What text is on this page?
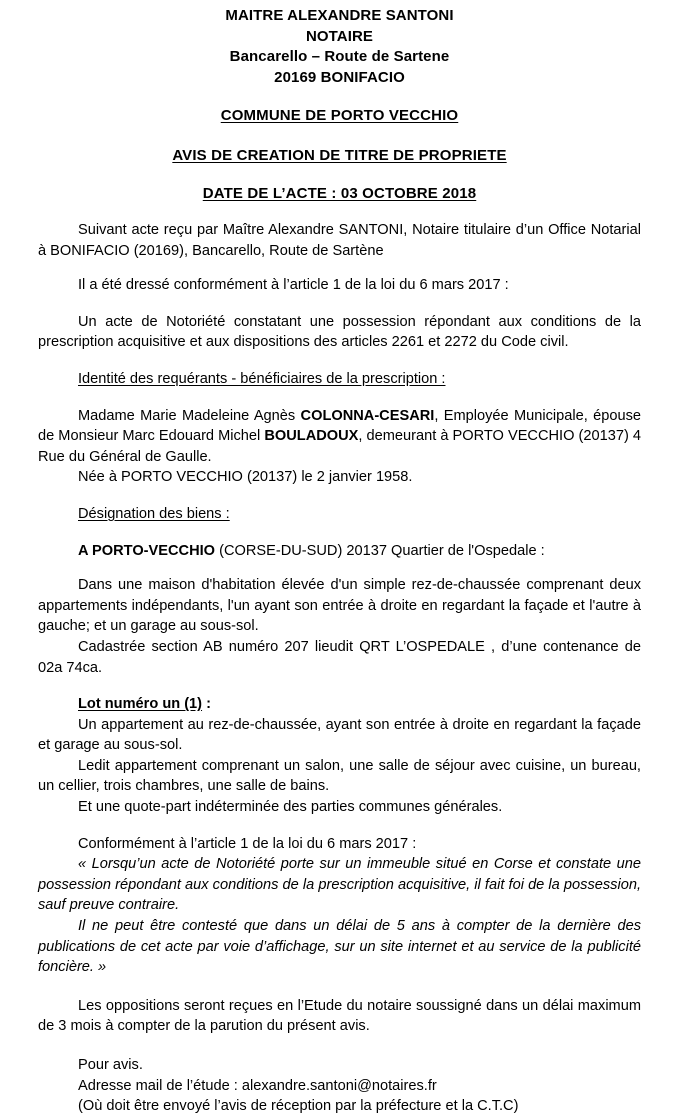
MAITRE ALEXANDRE SANTONI
NOTAIRE
Bancarello – Route de Sartene
20169 BONIFACIO
COMMUNE DE PORTO VECCHIO
AVIS DE CREATION DE TITRE DE PROPRIETE
DATE DE L’ACTE : 03 OCTOBRE 2018
Suivant acte reçu par Maître Alexandre SANTONI, Notaire titulaire d’un Office Notarial à BONIFACIO (20169), Bancarello, Route de Sartène
Il a été dressé conformément à l’article 1 de la loi du 6 mars 2017 :
Un acte de Notoriété constatant une possession répondant aux conditions de la prescription acquisitive et aux dispositions des articles 2261 et 2272 du Code civil.
Identité des requérants - bénéficiaires de la prescription :
Madame Marie Madeleine Agnès COLONNA-CESARI, Employée Municipale, épouse de Monsieur Marc Edouard Michel BOULADOUX, demeurant à PORTO VECCHIO (20137) 4 Rue du Général de Gaulle.
Née à PORTO VECCHIO (20137) le 2 janvier 1958.
Désignation des biens :
A PORTO-VECCHIO (CORSE-DU-SUD) 20137 Quartier de l'Ospedale :
Dans une maison d'habitation élevée d'un simple rez-de-chaussée comprenant deux appartements indépendants, l'un ayant son entrée à droite en regardant la façade et l'autre à gauche; et un garage au sous-sol.
Cadastrée section AB numéro 207 lieudit QRT L’OSPEDALE , d’une contenance de 02a 74ca.
Lot numéro un (1) :
Un appartement au rez-de-chaussée, ayant son entrée à droite en regardant la façade et garage au sous-sol.
Ledit appartement comprenant un salon, une salle de séjour avec cuisine, un bureau, un cellier, trois chambres, une salle de bains.
Et une quote-part indéterminée des parties communes générales.
Conformément à l’article 1 de la loi du 6 mars 2017 :
« Lorsqu’un acte de Notoriété porte sur un immeuble situé en Corse et constate une possession répondant aux conditions de la prescription acquisitive, il fait foi de la possession, sauf preuve contraire.
Il ne peut être contesté que dans un délai de 5 ans à compter de la dernière des publications de cet acte par voie d’affichage, sur un site internet et au service de la publicité foncière. »
Les oppositions seront reçues en l’Etude du notaire soussigné dans un délai maximum de 3 mois à compter de la parution du présent avis.
Pour avis.
Adresse mail de l’étude : alexandre.santoni@notaires.fr
(Où doit être envoyé l’avis de réception par la préfecture et la C.T.C)
